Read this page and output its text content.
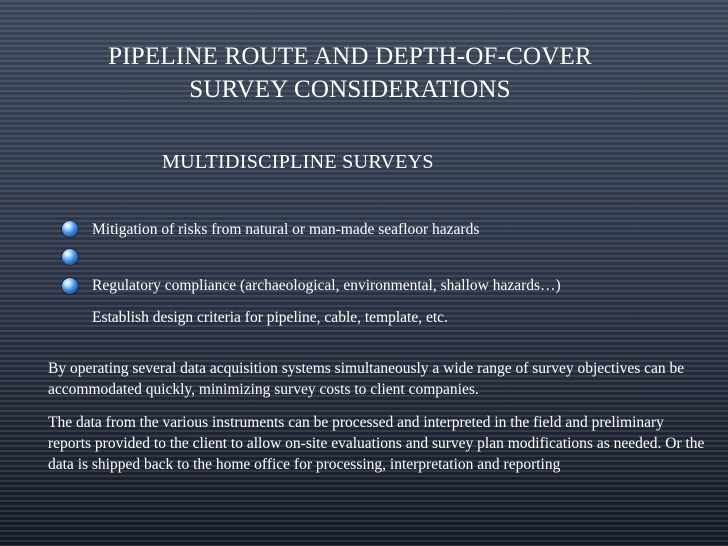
PIPELINE ROUTE AND DEPTH-OF-COVER
SURVEY CONSIDERATIONS
MULTIDISCIPLINE SURVEYS
Mitigation of risks from natural or man-made seafloor hazards
Regulatory compliance (archaeological, environmental, shallow hazards…)
Establish design criteria for pipeline, cable, template, etc.
By operating several data acquisition systems simultaneously a wide range of survey objectives can be accommodated quickly, minimizing survey costs to client companies.
The data from the various instruments can be processed and interpreted in the field and preliminary reports provided to the client to allow on-site evaluations and survey plan modifications as needed. Or the data is shipped back to the home office for processing, interpretation and reporting
